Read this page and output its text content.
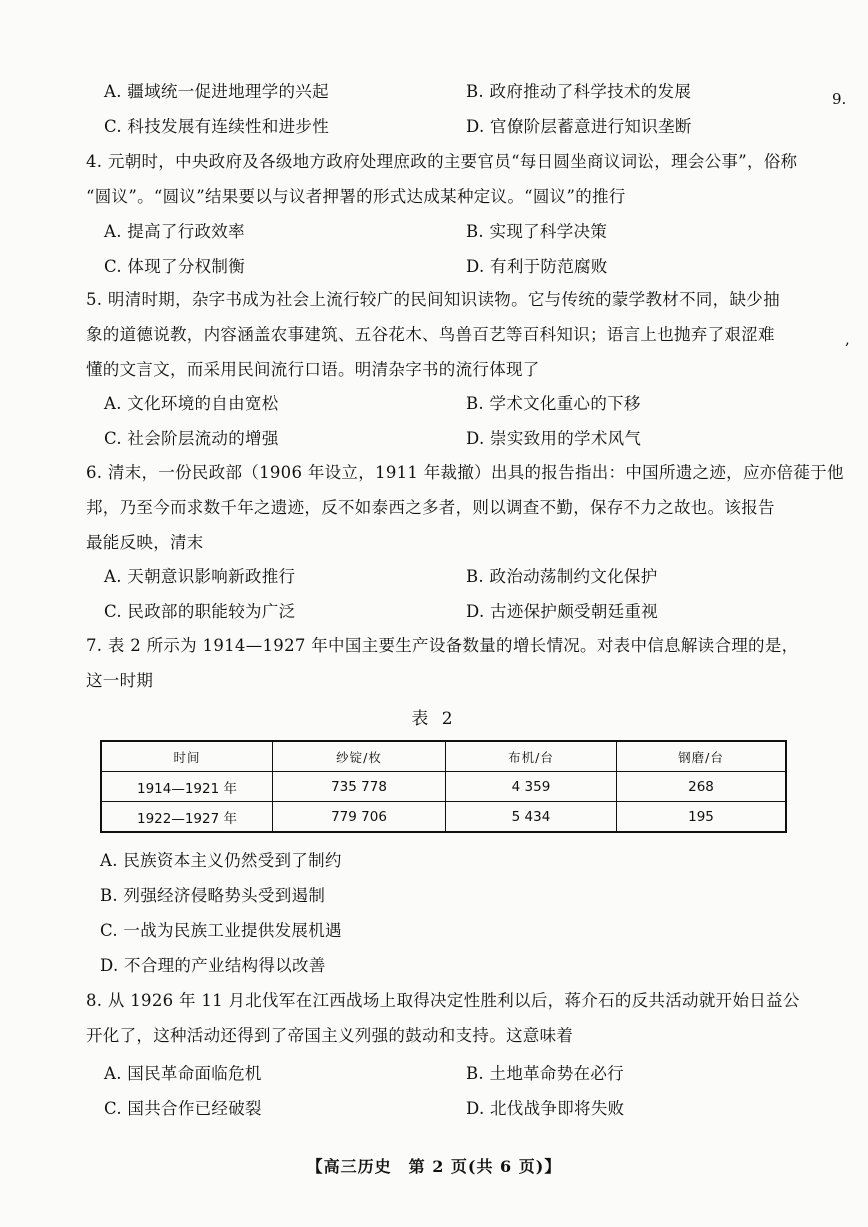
9.
,
A. 疆域统一促进地理学的兴起	B. 政府推动了科学技术的发展
C. 科技发展有连续性和进步性	D. 官僚阶层蓄意进行知识垄断
4. 元朝时，中央政府及各级地方政府处理庶政的主要官员“每日圆坐商议词讼，理会公事”，俗称
“圆议”。“圆议”结果要以与议者押署的形式达成某种定议。“圆议”的推行
A. 提高了行政效率	B. 实现了科学决策
C. 体现了分权制衡	D. 有利于防范腐败
5. 明清时期，杂字书成为社会上流行较广的民间知识读物。它与传统的蒙学教材不同，缺少抽
象的道德说教，内容涵盖农事建筑、五谷花木、鸟兽百艺等百科知识；语言上也抛弃了艰涩难
懂的文言文，而采用民间流行口语。明清杂字书的流行体现了
A. 文化环境的自由宽松	B. 学术文化重心的下移
C. 社会阶层流动的增强	D. 崇实致用的学术风气
6. 清末，一份民政部（1906 年设立，1911 年裁撤）出具的报告指出：中国所遗之迹，应亦倍蓰于他
邦，乃至今而求数千年之遗迹，反不如泰西之多者，则以调查不勤，保存不力之故也。该报告
最能反映，清末
A. 天朝意识影响新政推行	B. 政治动荡制约文化保护
C. 民政部的职能较为广泛	D. 古迹保护颇受朝廷重视
7. 表 2 所示为 1914—1927 年中国主要生产设备数量的增长情况。对表中信息解读合理的是，
这一时期
表 2
时间	纱锭/枚	布机/台	钢磨/台
1914—1921 年	735 778	4 359	268
1922—1927 年	779 706	5 434	195
A. 民族资本主义仍然受到了制约
B. 列强经济侵略势头受到遏制
C. 一战为民族工业提供发展机遇
D. 不合理的产业结构得以改善
8. 从 1926 年 11 月北伐军在江西战场上取得决定性胜利以后，蒋介石的反共活动就开始日益公
开化了，这种活动还得到了帝国主义列强的鼓动和支持。这意味着
A. 国民革命面临危机	B. 土地革命势在必行
C. 国共合作已经破裂	D. 北伐战争即将失败
【高三历史　第 2 页(共 6 页)】
